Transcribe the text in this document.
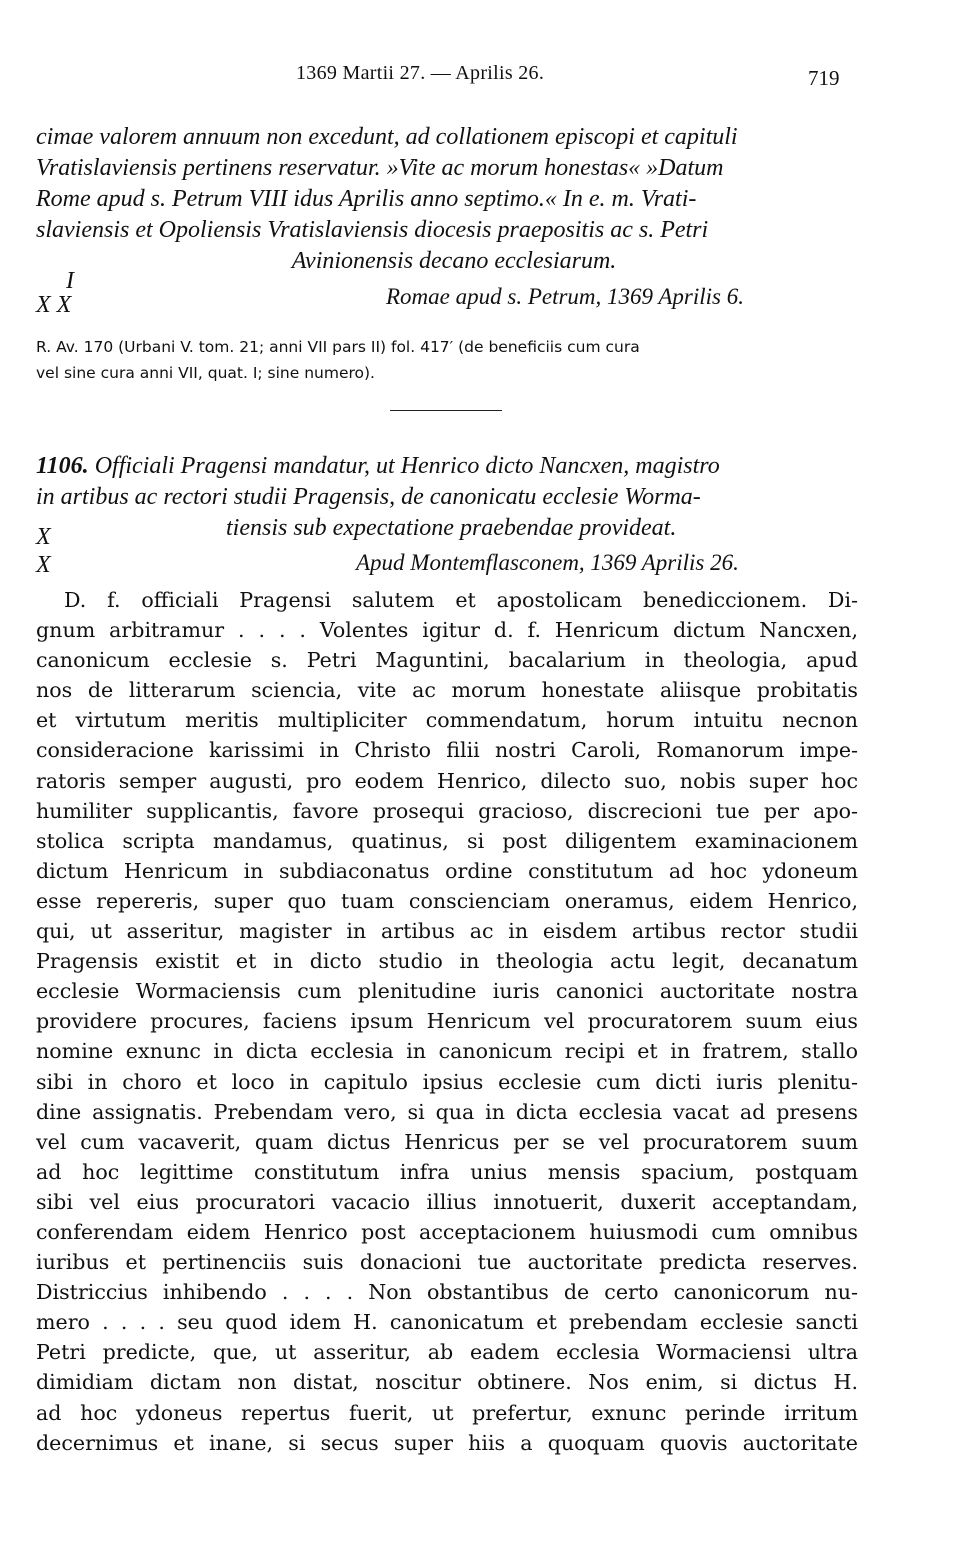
1369 Martii 27. — Aprilis 26.	719
cimae valorem annuum non excedunt, ad collationem episcopi et capituli
Vratislaviensis pertinens reservatur. »Vite ac morum honestas« »Datum
Rome apud s. Petrum VIII idus Aprilis anno septimo.« In e. m. Vrati-
slaviensis et Opoliensis Vratislaviensis diocesis praepositis ac s. Petri
Avinionensis decano ecclesiarum.
I
X X	Romae apud s. Petrum, 1369 Aprilis 6.
R. Av. 170 (Urbani V. tom. 21; anni VII pars II) fol. 417′ (de beneficiis cum cura
vel sine cura anni VII, quat. I; sine numero).
1106. Officiali Pragensi mandatur, ut Henrico dicto Nancxen, magistro
in artibus ac rectori studii Pragensis, de canonicatu ecclesie Worma-
tiensis sub expectatione praebendae provideat.
X
X	Apud Montemflasconem, 1369 Aprilis 26.
D. f. officiali Pragensi salutem et apostolicam benediccionem. Di-
gnum arbitramur . . . . Volentes igitur d. f. Henricum dictum Nancxen,
canonicum ecclesie s. Petri Maguntini, bacalarium in theologia, apud
nos de litterarum sciencia, vite ac morum honestate aliisque probitatis
et virtutum meritis multipliciter commendatum, horum intuitu necnon
consideracione karissimi in Christo filii nostri Caroli, Romanorum impe-
ratoris semper augusti, pro eodem Henrico, dilecto suo, nobis super hoc
humiliter supplicantis, favore prosequi gracioso, discrecioni tue per apo-
stolica scripta mandamus, quatinus, si post diligentem examinacionem
dictum Henricum in subdiaconatus ordine constitutum ad hoc ydoneum
esse repereris, super quo tuam conscienciam oneramus, eidem Henrico,
qui, ut asseritur, magister in artibus ac in eisdem artibus rector studii
Pragensis existit et in dicto studio in theologia actu legit, decanatum
ecclesie Wormaciensis cum plenitudine iuris canonici auctoritate nostra
providere procures, faciens ipsum Henricum vel procuratorem suum eius
nomine exnunc in dicta ecclesia in canonicum recipi et in fratrem, stallo
sibi in choro et loco in capitulo ipsius ecclesie cum dicti iuris plenitu-
dine assignatis. Prebendam vero, si qua in dicta ecclesia vacat ad presens
vel cum vacaverit, quam dictus Henricus per se vel procuratorem suum
ad hoc legittime constitutum infra unius mensis spacium, postquam
sibi vel eius procuratori vacacio illius innotuerit, duxerit acceptandam,
conferendam eidem Henrico post acceptacionem huiusmodi cum omnibus
iuribus et pertinenciis suis donacioni tue auctoritate predicta reserves.
Districcius inhibendo . . . . Non obstantibus de certo canonicorum nu-
mero . . . . seu quod idem H. canonicatum et prebendam ecclesie sancti
Petri predicte, que, ut asseritur, ab eadem ecclesia Wormaciensi ultra
dimidiam dictam non distat, noscitur obtinere. Nos enim, si dictus H.
ad hoc ydoneus repertus fuerit, ut prefertur, exnunc perinde irritum
decernimus et inane, si secus super hiis a quoquam quovis auctoritate
